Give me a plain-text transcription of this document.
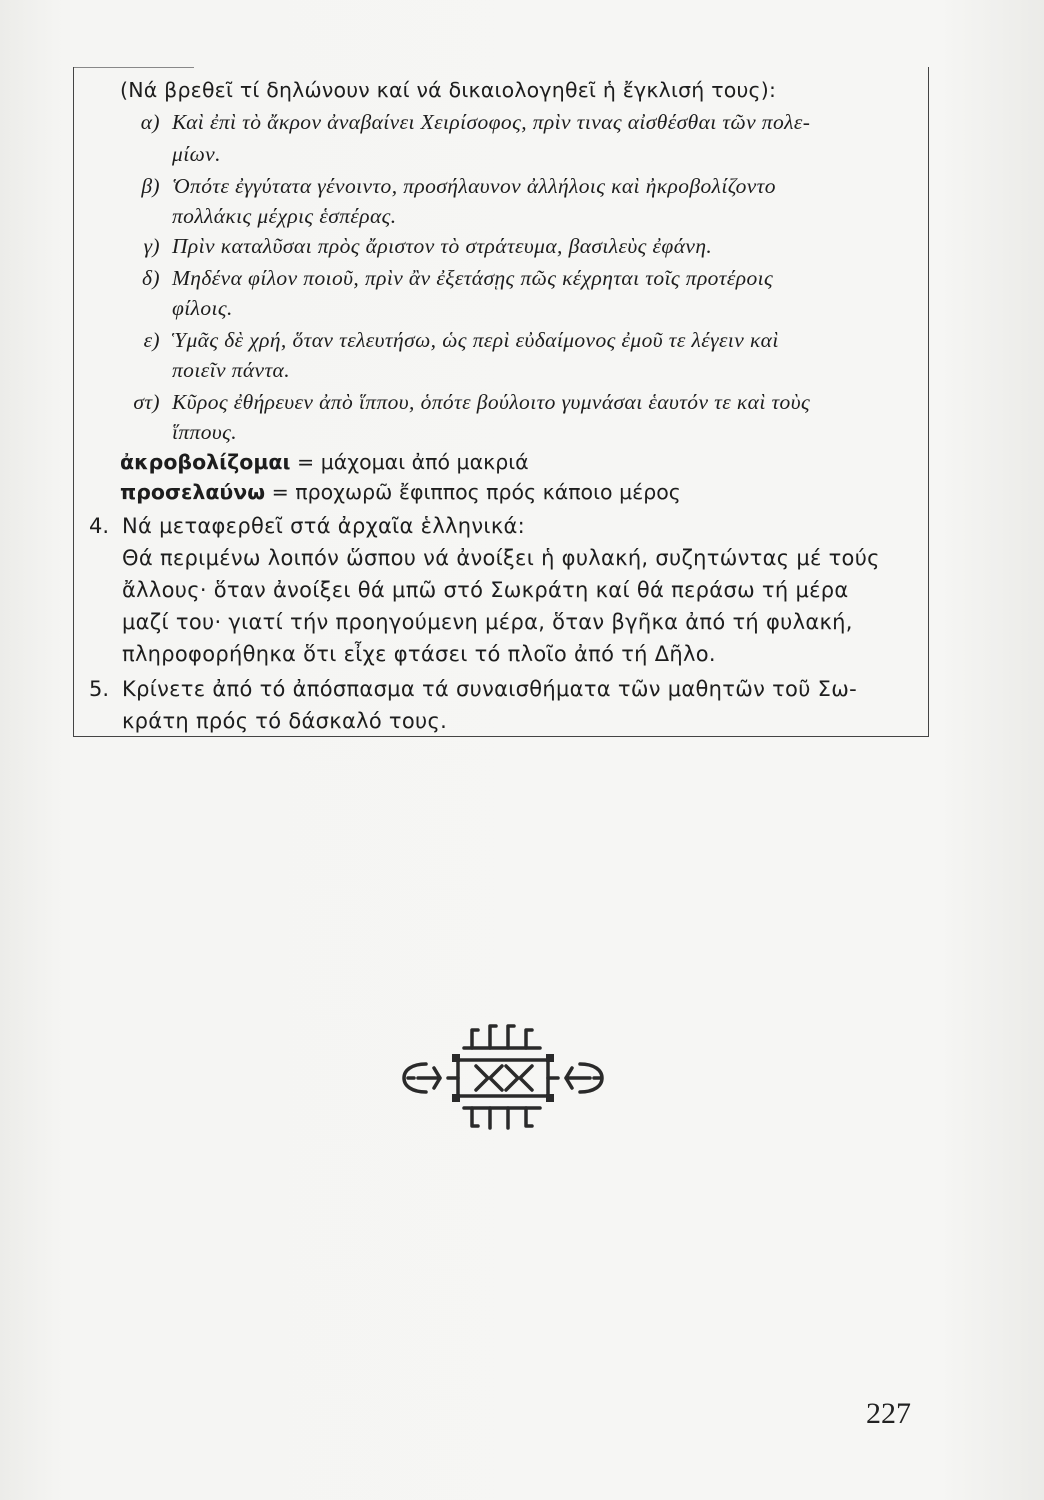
(Νά βρεθεῖ τί δηλώνουν καί νά δικαιολογηθεῖ ἡ ἔγκλισή τους):
α) Καὶ ἐπὶ τὸ ἄκρον ἀναβαίνει Χειρίσοφος, πρὶν τινας αἰσθέσθαι τῶν πολε-
μίων.
β) Ὁπότε ἐγγύτατα γένοιντο, προσήλαυνον ἀλλήλοις καὶ ἠκροβολίζοντο
πολλάκις μέχρις ἑσπέρας.
γ) Πρὶν καταλῦσαι πρὸς ἄριστον τὸ στράτευμα, βασιλεὺς ἐφάνη.
δ) Μηδένα φίλον ποιοῦ, πρὶν ἂν ἐξετάσῃς πῶς κέχρηται τοῖς προτέροις
φίλοις.
ε) Ὑμᾶς δὲ χρή, ὅταν τελευτήσω, ὡς περὶ εὐδαίμονος ἐμοῦ τε λέγειν καὶ
ποιεῖν πάντα.
στ) Κῦρος ἐθήρευεν ἀπὸ ἵππου, ὁπότε βούλοιτο γυμνάσαι ἑαυτόν τε καὶ τοὺς
ἵππους.
ἀκροβολίζομαι = μάχομαι ἀπό μακριά
προσελαύνω = προχωρῶ ἔφιππος πρός κάποιο μέρος
4. Νά μεταφερθεῖ στά ἀρχαῖα ἑλληνικά:
Θά περιμένω λοιπόν ὥσπου νά ἀνοίξει ἡ φυλακή, συζητώντας μέ τούς
ἄλλους· ὅταν ἀνοίξει θά μπῶ στό Σωκράτη καί θά περάσω τή μέρα
μαζί του· γιατί τήν προηγούμενη μέρα, ὅταν βγῆκα ἀπό τή φυλακή,
πληροφορήθηκα ὅτι εἶχε φτάσει τό πλοῖο ἀπό τή Δῆλο.
5. Κρίνετε ἀπό τό ἀπόσπασμα τά συναισθήματα τῶν μαθητῶν τοῦ Σω-
κράτη πρός τό δάσκαλό τους.
227
